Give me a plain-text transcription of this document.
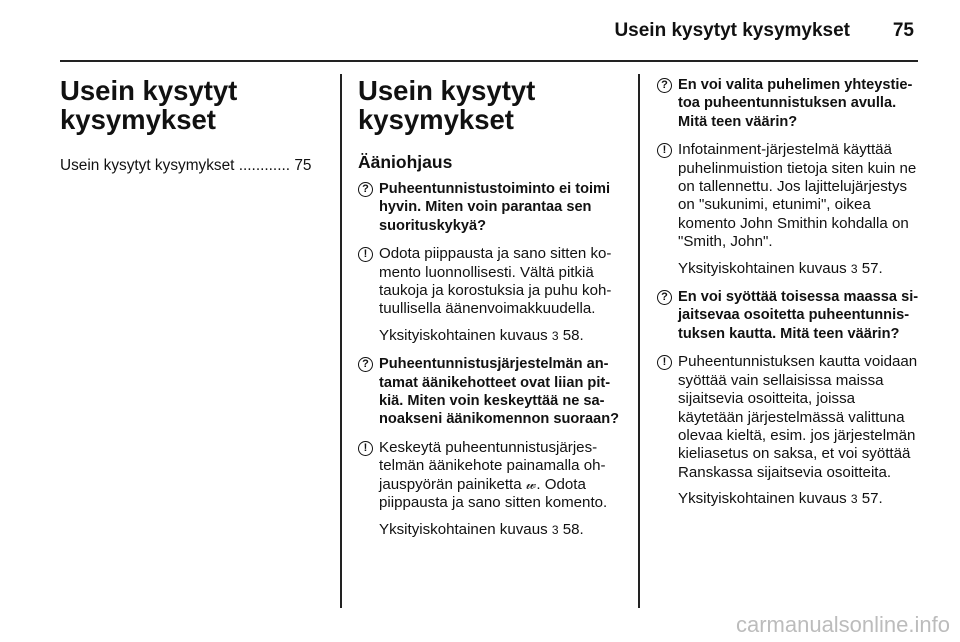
Usein kysytyt kysymykset	75
Usein kysytyt
kysymykset
Usein kysytyt kysymykset ............ 75
Usein kysytyt
kysymykset
Ääniohjaus
? Puheentunnistustoiminto ei toimi hyvin. Miten voin parantaa sen suorituskykyä?

! Odota piippausta ja sano sitten komento luonnollisesti. Vältä pitkiä taukoja ja korostuksia ja puhu kohtuullisella äänenvoimakkuudella.

Yksityiskohtainen kuvaus 3 58.
? Puheentunnistusjärjestelmän antamat äänikehotteet ovat liian pitkiä. Miten voin keskeyttää ne sanoakseni äänikomennon suoraan?

! Keskeytä puheentunnistusjärjestelmän äänikehote painamalla ohjauspyörän painiketta 𝓌. Odota piippausta ja sano sitten komento.

Yksityiskohtainen kuvaus 3 58.
? En voi valita puhelimen yhteystietoa puheentunnistuksen avulla. Mitä teen väärin?

! Infotainment-järjestelmä käyttää puhelinmuistion tietoja siten kuin ne on tallennettu. Jos lajittelujärjestys on "sukunimi, etunimi", oikea komento John Smithin kohdalla on "Smith, John".

Yksityiskohtainen kuvaus 3 57.
? En voi syöttää toisessa maassa sijaitsevaa osoitetta puheentunnistuksen kautta. Mitä teen väärin?

! Puheentunnistuksen kautta voidaan syöttää vain sellaisissa maissa sijaitsevia osoitteita, joissa käytetään järjestelmässä valittuna olevaa kieltä, esim. jos järjestelmän kieliasetus on saksa, et voi syöttää Ranskassa sijaitsevia osoitteita.

Yksityiskohtainen kuvaus 3 57.
carmanualsonline.info
